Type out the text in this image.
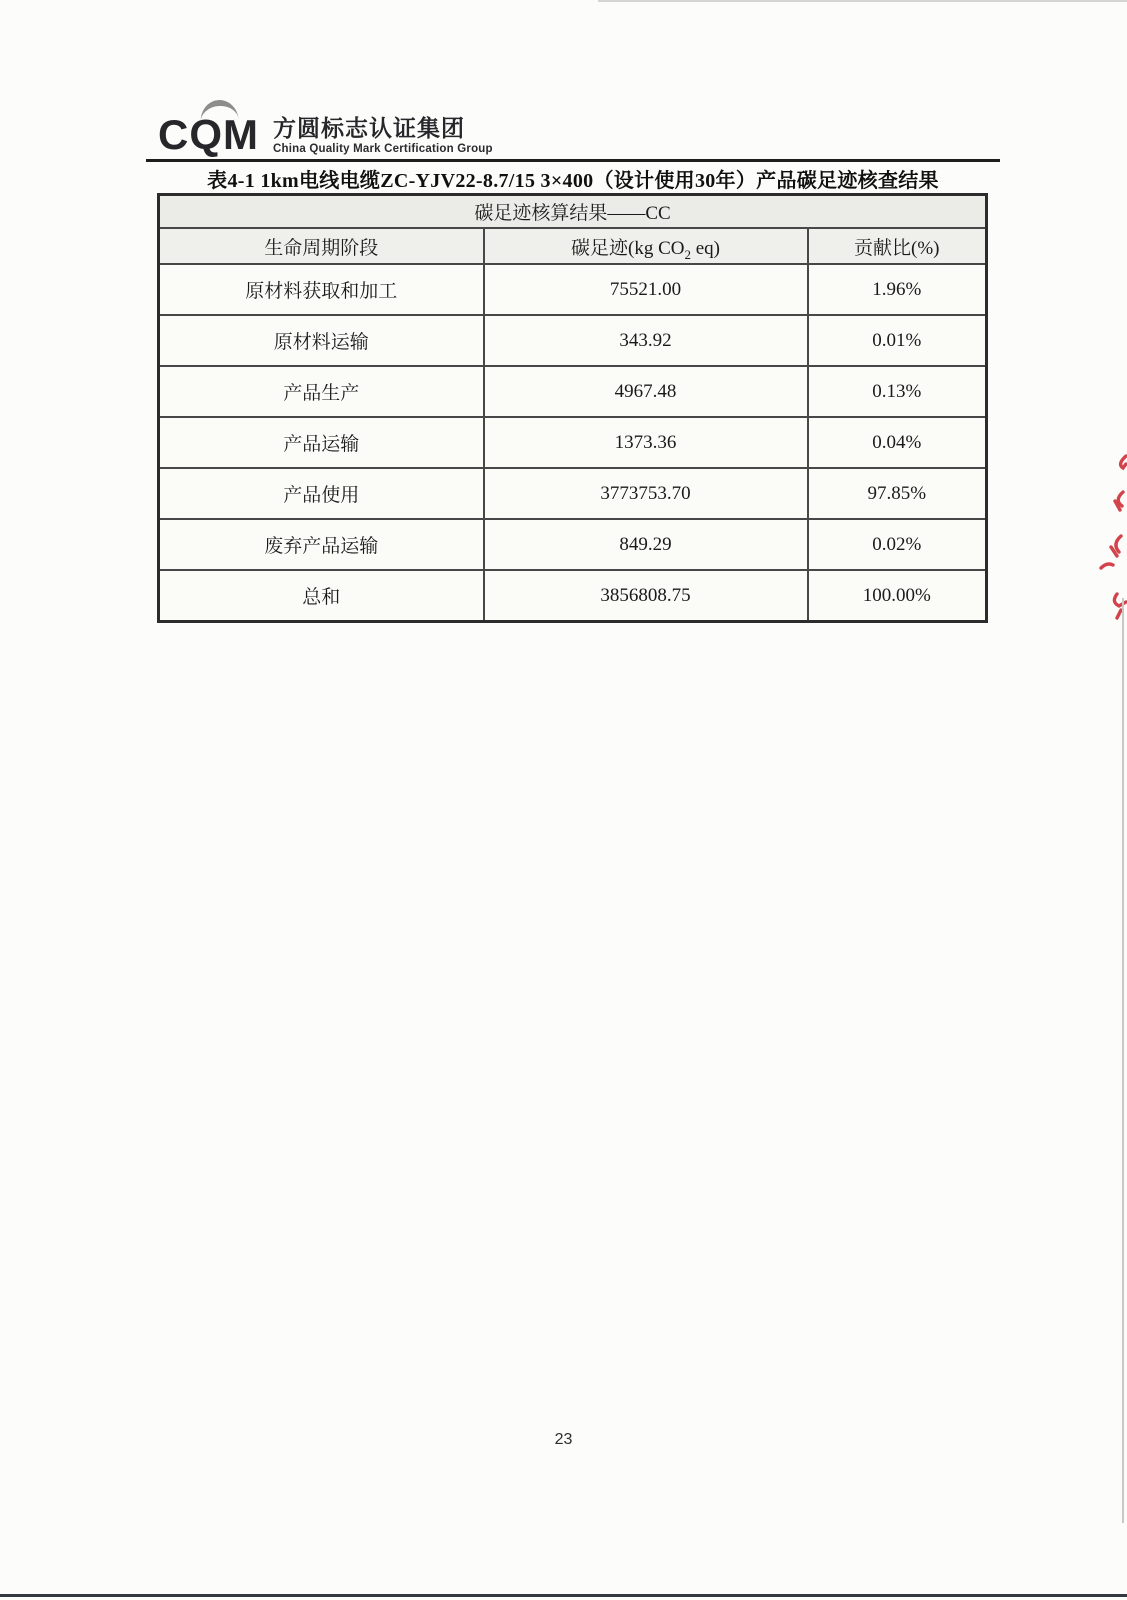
CQM 方圆标志认证集团
China Quality Mark Certification Group
表4-1 1km电线电缆ZC-YJV22-8.7/15 3×400（设计使用30年）产品碳足迹核查结果
碳足迹核算结果——CC		
生命周期阶段	碳足迹(kg $CO_2$ eq)	贡献比(%)
原材料获取和加工	75521.00	1.96%
原材料运输	343.92	0.01%
产品生产	4967.48	0.13%
产品运输	1373.36	0.04%
产品使用	3773753.70	97.85%
废弃产品运输	849.29	0.02%
总和	3856808.75	100.00%
23
